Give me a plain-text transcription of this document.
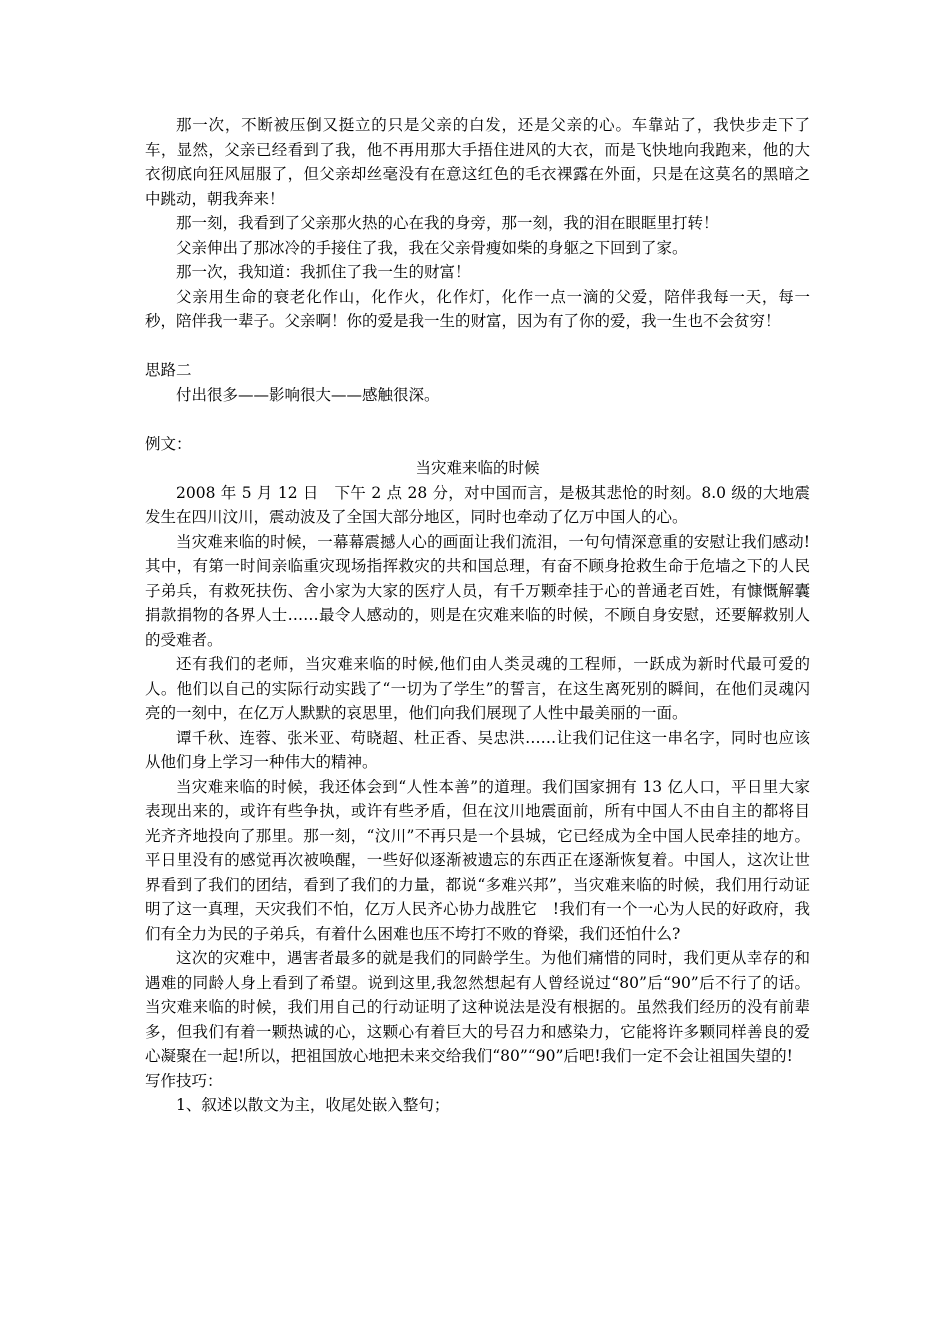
那一次，不断被压倒又挺立的只是父亲的白发，还是父亲的心。车靠站了，我快步走下了车，显然，父亲已经看到了我，他不再用那大手捂住进风的大衣，而是飞快地向我跑来，他的大衣彻底向狂风屈服了，但父亲却丝毫没有在意这红色的毛衣裸露在外面，只是在这莫名的黑暗之中跳动，朝我奔来！

那一刻，我看到了父亲那火热的心在我的身旁，那一刻，我的泪在眼眶里打转！

父亲伸出了那冰冷的手接住了我，我在父亲骨瘦如柴的身躯之下回到了家。

那一次，我知道：我抓住了我一生的财富！

父亲用生命的衰老化作山，化作火，化作灯，化作一点一滴的父爱，陪伴我每一天，每一秒，陪伴我一辈子。父亲啊！你的爱是我一生的财富，因为有了你的爱，我一生也不会贫穷！

思路二

付出很多——影响很大——感触很深。

例文：

当灾难来临的时候

2008 年 5 月 12 日　下午 2 点 28 分，对中国而言，是极其悲怆的时刻。8.0 级的大地震发生在四川汶川，震动波及了全国大部分地区，同时也牵动了亿万中国人的心。

当灾难来临的时候，一幕幕震撼人心的画面让我们流泪，一句句情深意重的安慰让我们感动!其中，有第一时间亲临重灾现场指挥救灾的共和国总理，有奋不顾身抢救生命于危墙之下的人民子弟兵，有救死扶伤、舍小家为大家的医疗人员，有千万颗牵挂于心的普通老百姓，有慷慨解囊捐款捐物的各界人士……最令人感动的，则是在灾难来临的时候，不顾自身安慰，还要解救别人的受难者。

还有我们的老师，当灾难来临的时候,他们由人类灵魂的工程师，一跃成为新时代最可爱的人。他们以自己的实际行动实践了“一切为了学生”的誓言，在这生离死别的瞬间，在他们灵魂闪亮的一刻中，在亿万人默默的哀思里，他们向我们展现了人性中最美丽的一面。

谭千秋、连蓉、张米亚、苟晓超、杜正香、吴忠洪……让我们记住这一串名字，同时也应该从他们身上学习一种伟大的精神。

当灾难来临的时候，我还体会到“人性本善”的道理。我们国家拥有 13 亿人口，平日里大家表现出来的，或许有些争执，或许有些矛盾，但在汶川地震面前，所有中国人不由自主的都将目光齐齐地投向了那里。那一刻，“汶川”不再只是一个县城，它已经成为全中国人民牵挂的地方。平日里没有的感觉再次被唤醒，一些好似逐渐被遗忘的东西正在逐渐恢复着。中国人，这次让世界看到了我们的团结，看到了我们的力量，都说“多难兴邦”，当灾难来临的时候，我们用行动证明了这一真理，天灾我们不怕，亿万人民齐心协力战胜它　!我们有一个一心为人民的好政府，我们有全力为民的子弟兵，有着什么困难也压不垮打不败的脊梁，我们还怕什么?

这次的灾难中，遇害者最多的就是我们的同龄学生。为他们痛惜的同时，我们更从幸存的和遇难的同龄人身上看到了希望。说到这里,我忽然想起有人曾经说过“80”后“90”后不行了的话。当灾难来临的时候，我们用自己的行动证明了这种说法是没有根据的。虽然我们经历的没有前辈多，但我们有着一颗热诚的心，这颗心有着巨大的号召力和感染力，它能将许多颗同样善良的爱心凝聚在一起!所以，把祖国放心地把未来交给我们“80”“90”后吧!我们一定不会让祖国失望的!

写作技巧：

1、叙述以散文为主，收尾处嵌入整句；
